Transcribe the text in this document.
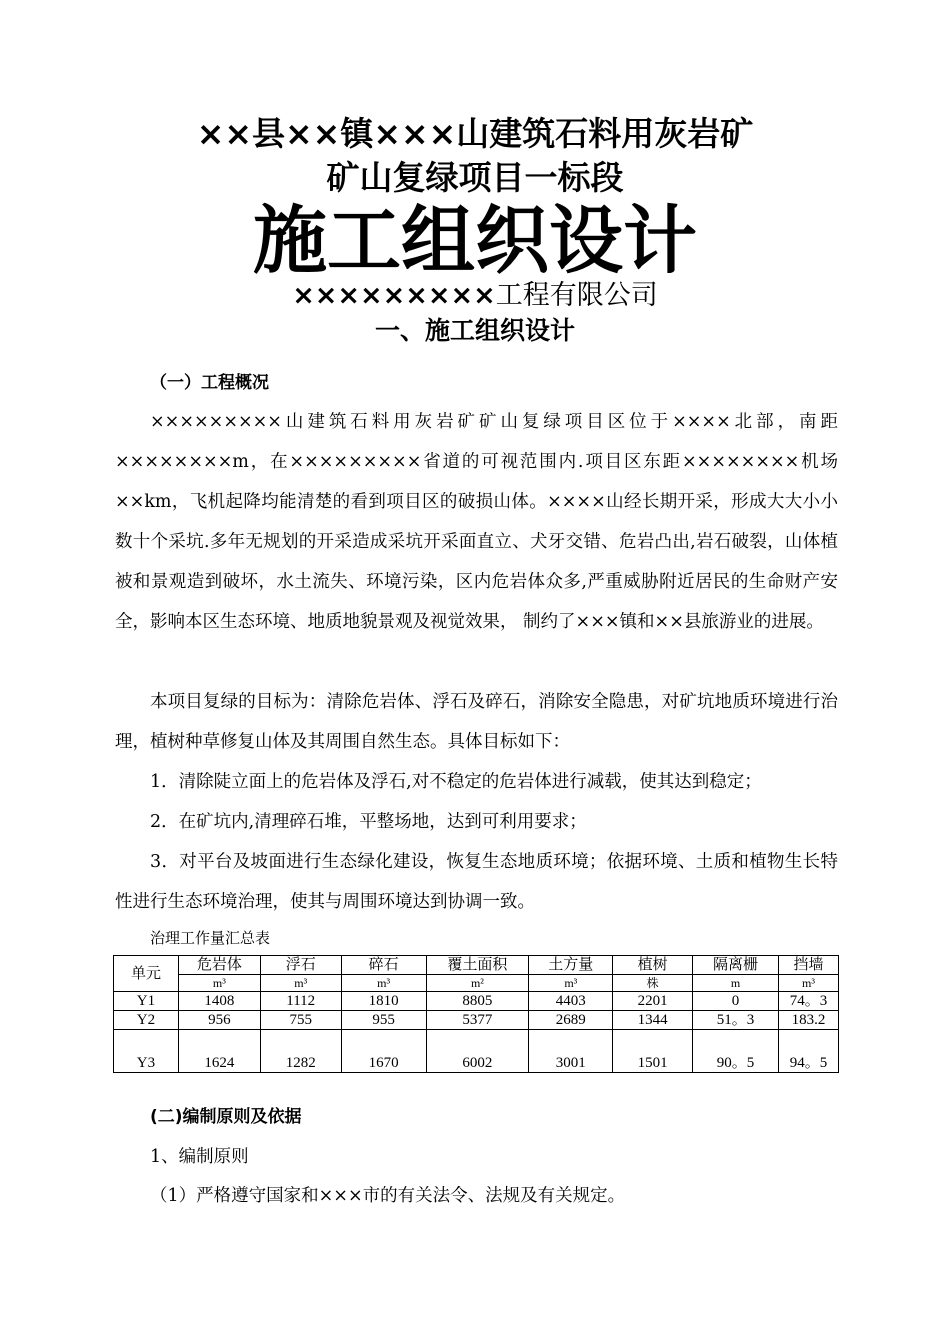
××县××镇×××山建筑石料用灰岩矿
矿山复绿项目一标段
施工组织设计
×××××××××工程有限公司
一、施工组织设计
（一）工程概况

×××××××××山建筑石料用灰岩矿矿山复绿项目区位于××××北部，南距××××××××m，在×××××××××省道的可视范围内.项目区东距××××××××机场××km，飞机起降均能清楚的看到项目区的破损山体。××××山经长期开采，形成大大小小数十个采坑.多年无规划的开采造成采坑开采面直立、犬牙交错、危岩凸出,岩石破裂，山体植被和景观造到破坏，水土流失、环境污染，区内危岩体众多,严重威胁附近居民的生命财产安全，影响本区生态环境、地质地貌景观及视觉效果， 制约了×××镇和××县旅游业的进展。

本项目复绿的目标为：清除危岩体、浮石及碎石，消除安全隐患，对矿坑地质环境进行治理，植树种草修复山体及其周围自然生态。具体目标如下：

1．清除陡立面上的危岩体及浮石,对不稳定的危岩体进行减载，使其达到稳定；
2．在矿坑内,清理碎石堆，平整场地，达到可利用要求；

3．对平台及坡面进行生态绿化建设，恢复生态地质环境；依据环境、土质和植物生长特性进行生态环境治理，使其与周围环境达到协调一致。

治理工作量汇总表
单元	危岩体	浮石	碎石	覆土面积	土方量	植树	隔离栅	挡墙
	m³	m³	m³	m²	m³	株	m	m³
Y1	1408	1112	1810	8805	4403	2201	0	74。3
Y2	956	755	955	5377	2689	1344	51。3	183.2
Y3	1624	1282	1670	6002	3001	1501	90。5	94。5
(二)编制原则及依据
1、编制原则
（1）严格遵守国家和×××市的有关法令、法规及有关规定。
